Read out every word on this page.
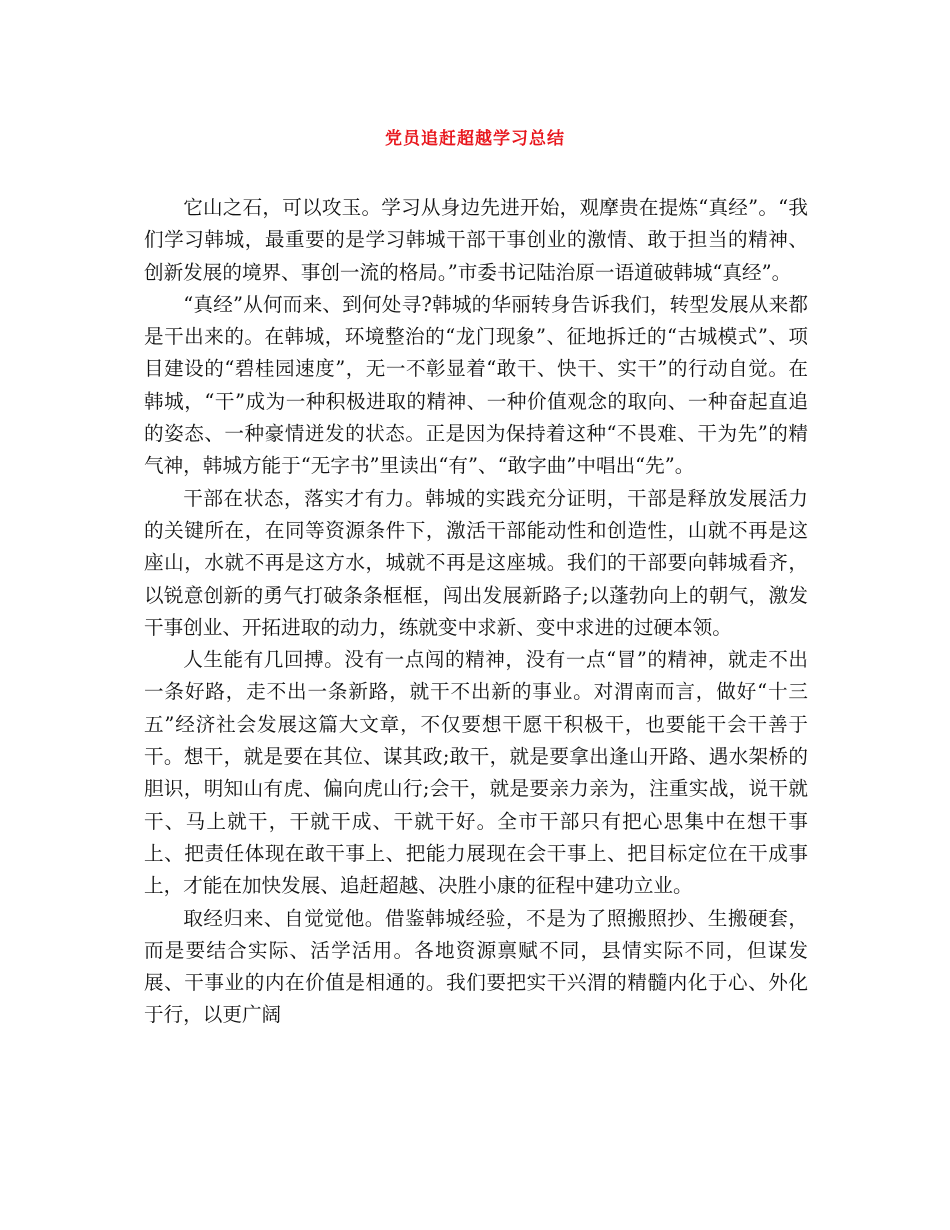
党员追赶超越学习总结

它山之石，可以攻玉。学习从身边先进开始，观摩贵在提炼“真经”。“我们学习韩城，最重要的是学习韩城干部干事创业的激情、敢于担当的精神、创新发展的境界、事创一流的格局。”市委书记陆治原一语道破韩城“真经”。

“真经”从何而来、到何处寻?韩城的华丽转身告诉我们，转型发展从来都是干出来的。在韩城，环境整治的“龙门现象”、征地拆迁的“古城模式”、项目建设的“碧桂园速度”，无一不彰显着“敢干、快干、实干”的行动自觉。在韩城，“干”成为一种积极进取的精神、一种价值观念的取向、一种奋起直追的姿态、一种豪情迸发的状态。正是因为保持着这种“不畏难、干为先”的精气神，韩城方能于“无字书”里读出“有”、“敢字曲”中唱出“先”。

干部在状态，落实才有力。韩城的实践充分证明，干部是释放发展活力的关键所在，在同等资源条件下，激活干部能动性和创造性，山就不再是这座山，水就不再是这方水，城就不再是这座城。我们的干部要向韩城看齐，以锐意创新的勇气打破条条框框，闯出发展新路子;以蓬勃向上的朝气，激发干事创业、开拓进取的动力，练就变中求新、变中求进的过硬本领。

人生能有几回搏。没有一点闯的精神，没有一点“冒”的精神，就走不出一条好路，走不出一条新路，就干不出新的事业。对渭南而言，做好“十三五”经济社会发展这篇大文章，不仅要想干愿干积极干，也要能干会干善于干。想干，就是要在其位、谋其政;敢干，就是要拿出逢山开路、遇水架桥的胆识，明知山有虎、偏向虎山行;会干，就是要亲力亲为，注重实战，说干就干、马上就干，干就干成、干就干好。全市干部只有把心思集中在想干事上、把责任体现在敢干事上、把能力展现在会干事上、把目标定位在干成事上，才能在加快发展、追赶超越、决胜小康的征程中建功立业。

取经归来、自觉觉他。借鉴韩城经验，不是为了照搬照抄、生搬硬套，而是要结合实际、活学活用。各地资源禀赋不同，县情实际不同，但谋发展、干事业的内在价值是相通的。我们要把实干兴渭的精髓内化于心、外化于行，以更广阔
